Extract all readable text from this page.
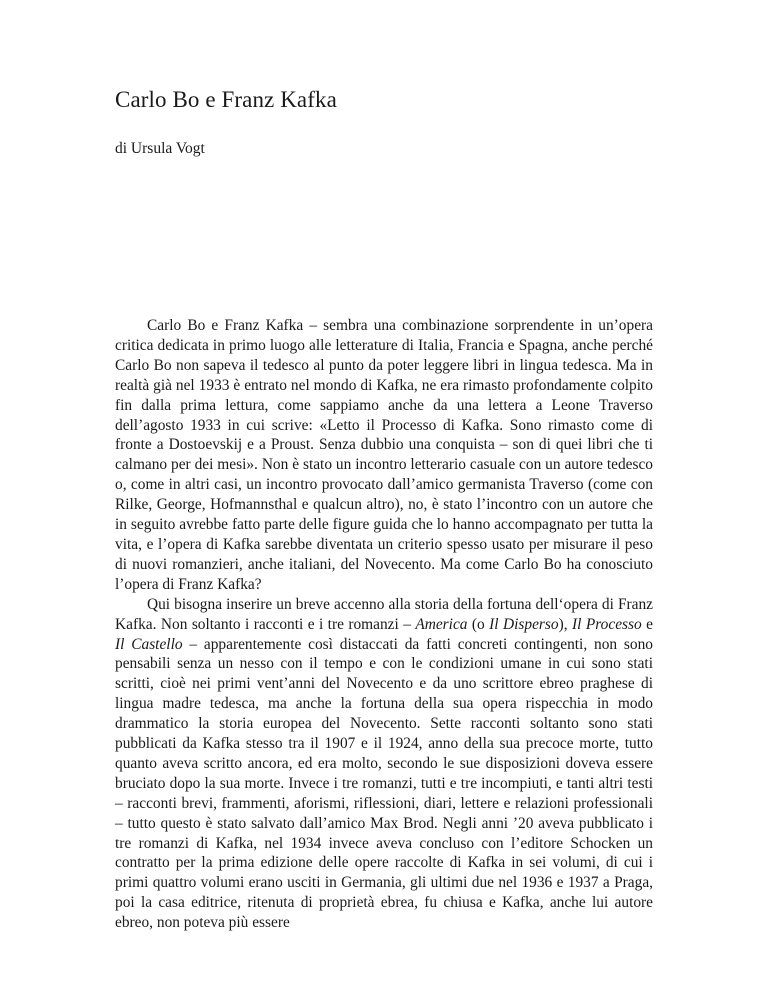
Carlo Bo e Franz Kafka

di Ursula Vogt

Carlo Bo e Franz Kafka – sembra una combinazione sorprendente in un’opera critica dedicata in primo luogo alle letterature di Italia, Francia e Spagna, anche perché Carlo Bo non sapeva il tedesco al punto da poter leggere libri in lingua tedesca. Ma in realtà già nel 1933 è entrato nel mondo di Kafka, ne era rimasto profondamente colpito fin dalla prima lettura, come sappiamo anche da una lettera a Leone Traverso dell’agosto 1933 in cui scrive: «Letto il Processo di Kafka. Sono rimasto come di fronte a Dostoevskij e a Proust. Senza dubbio una conquista – son di quei libri che ti calmano per dei mesi». Non è stato un incontro letterario casuale con un autore tedesco o, come in altri casi, un incontro provocato dall’amico germanista Traverso (come con Rilke, George, Hofmannsthal e qualcun altro), no, è stato l’incontro con un autore che in seguito avrebbe fatto parte delle figure guida che lo hanno accompagnato per tutta la vita, e l’opera di Kafka sarebbe diventata un criterio spesso usato per misurare il peso di nuovi romanzieri, anche italiani, del Novecento. Ma come Carlo Bo ha conosciuto l’opera di Franz Kafka?

Qui bisogna inserire un breve accenno alla storia della fortuna dell‘opera di Franz Kafka. Non soltanto i racconti e i tre romanzi – America (o Il Disperso), Il Processo e Il Castello – apparentemente così distaccati da fatti concreti contingenti, non sono pensabili senza un nesso con il tempo e con le condizioni umane in cui sono stati scritti, cioè nei primi vent’anni del Novecento e da uno scrittore ebreo praghese di lingua madre tedesca, ma anche la fortuna della sua opera rispecchia in modo drammatico la storia europea del Novecento. Sette racconti soltanto sono stati pubblicati da Kafka stesso tra il 1907 e il 1924, anno della sua precoce morte, tutto quanto aveva scritto ancora, ed era molto, secondo le sue disposizioni doveva essere bruciato dopo la sua morte. Invece i tre romanzi, tutti e tre incompiuti, e tanti altri testi – racconti brevi, frammenti, aforismi, riflessioni, diari, lettere e relazioni professionali – tutto questo è stato salvato dall’amico Max Brod. Negli anni ’20 aveva pubblicato i tre romanzi di Kafka, nel 1934 invece aveva concluso con l’editore Schocken un contratto per la prima edizione delle opere raccolte di Kafka in sei volumi, di cui i primi quattro volumi erano usciti in Germania, gli ultimi due nel 1936 e 1937 a Praga, poi la casa editrice, ritenuta di proprietà ebrea, fu chiusa e Kafka, anche lui autore ebreo, non poteva più essere
